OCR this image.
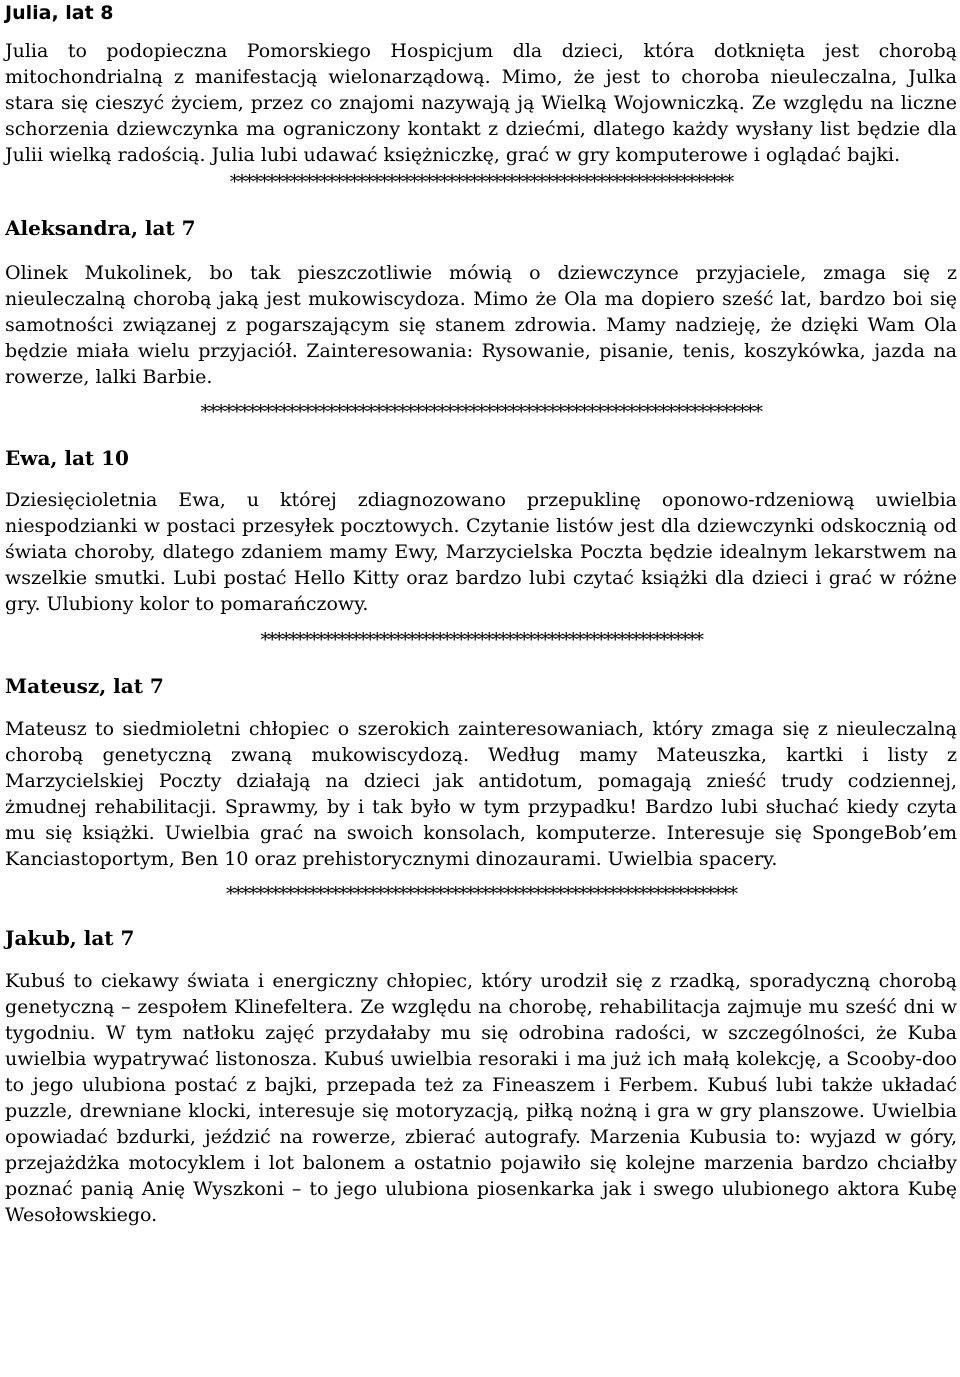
Julia, lat 8

Julia to podopieczna Pomorskiego Hospicjum dla dzieci, która dotknięta jest chorobą mitochondrialną z manifestacją wielonarządową. Mimo, że jest to choroba nieuleczalna, Julka stara się cieszyć życiem, przez co znajomi nazywają ją Wielką Wojowniczką. Ze względu na liczne schorzenia dziewczynka ma ograniczony kontakt z dziećmi, dlatego każdy wysłany list będzie dla Julii wielką radością. Julia lubi udawać księżniczkę, grać w gry komputerowe i oglądać bajki.

*******************************************************************
Aleksandra, lat 7

Olinek Mukolinek, bo tak pieszczotliwie mówią o dziewczynce przyjaciele, zmaga się z nieuleczalną chorobą jaką jest mukowiscydoza. Mimo że Ola ma dopiero sześć lat, bardzo boi się samotności związanej z pogarszającym się stanem zdrowia. Mamy nadzieję, że dzięki Wam Ola będzie miała wielu przyjaciół. Zainteresowania: Rysowanie, pisanie, tenis, koszykówka, jazda na rowerze, lalki Barbie.

***********************************************************************
Ewa, lat 10

Dziesięcioletnia Ewa, u której zdiagnozowano przepuklinę oponowo-rdzeniową uwielbia niespodzianki w postaci przesyłek pocztowych. Czytanie listów jest dla dziewczynki odskocznią od świata choroby, dlatego zdaniem mamy Ewy, Marzycielska Poczta będzie idealnym lekarstwem na wszelkie smutki. Lubi postać Hello Kitty oraz bardzo lubi czytać książki dla dzieci i grać w różne gry. Ulubiony kolor to pomarańczowy.

***************************************************************
Mateusz, lat 7

Mateusz to siedmioletni chłopiec o szerokich zainteresowaniach, który zmaga się z nieuleczalną chorobą genetyczną zwaną mukowiscydozą. Według mamy Mateuszka, kartki i listy z Marzycielskiej Poczty działają na dzieci jak antidotum, pomagają znieść trudy codziennej, żmudnej rehabilitacji. Sprawmy, by i tak było w tym przypadku! Bardzo lubi słuchać kiedy czyta mu się książki. Uwielbia grać na swoich konsolach, komputerze. Interesuje się SpongeBob’em Kanciastoportym, Ben 10 oraz prehistorycznymi dinozaurami. Uwielbia spacery.

********************************************************************
Jakub, lat 7

Kubuś to ciekawy świata i energiczny chłopiec, który urodził się z rzadką, sporadyczną chorobą genetyczną – zespołem Klinefeltera. Ze względu na chorobę, rehabilitacja zajmuje mu sześć dni w tygodniu. W tym natłoku zajęć przydałaby mu się odrobina radości, w szczególności, że Kuba uwielbia wypatrywać listonosza. Kubuś uwielbia resoraki i ma już ich małą kolekcję, a Scooby-doo to jego ulubiona postać z bajki, przepada też za Fineaszem i Ferbem. Kubuś lubi także układać puzzle, drewniane klocki, interesuje się motoryzacją, piłką nożną i gra w gry planszowe. Uwielbia opowiadać bzdurki, jeździć na rowerze, zbierać autografy. Marzenia Kubusia to: wyjazd w góry, przejażdżka motocyklem i lot balonem a ostatnio pojawiło się kolejne marzenia bardzo chciałby poznać panią Anię Wyszkoni – to jego ulubiona piosenkarka jak i swego ulubionego aktora Kubę Wesołowskiego.
